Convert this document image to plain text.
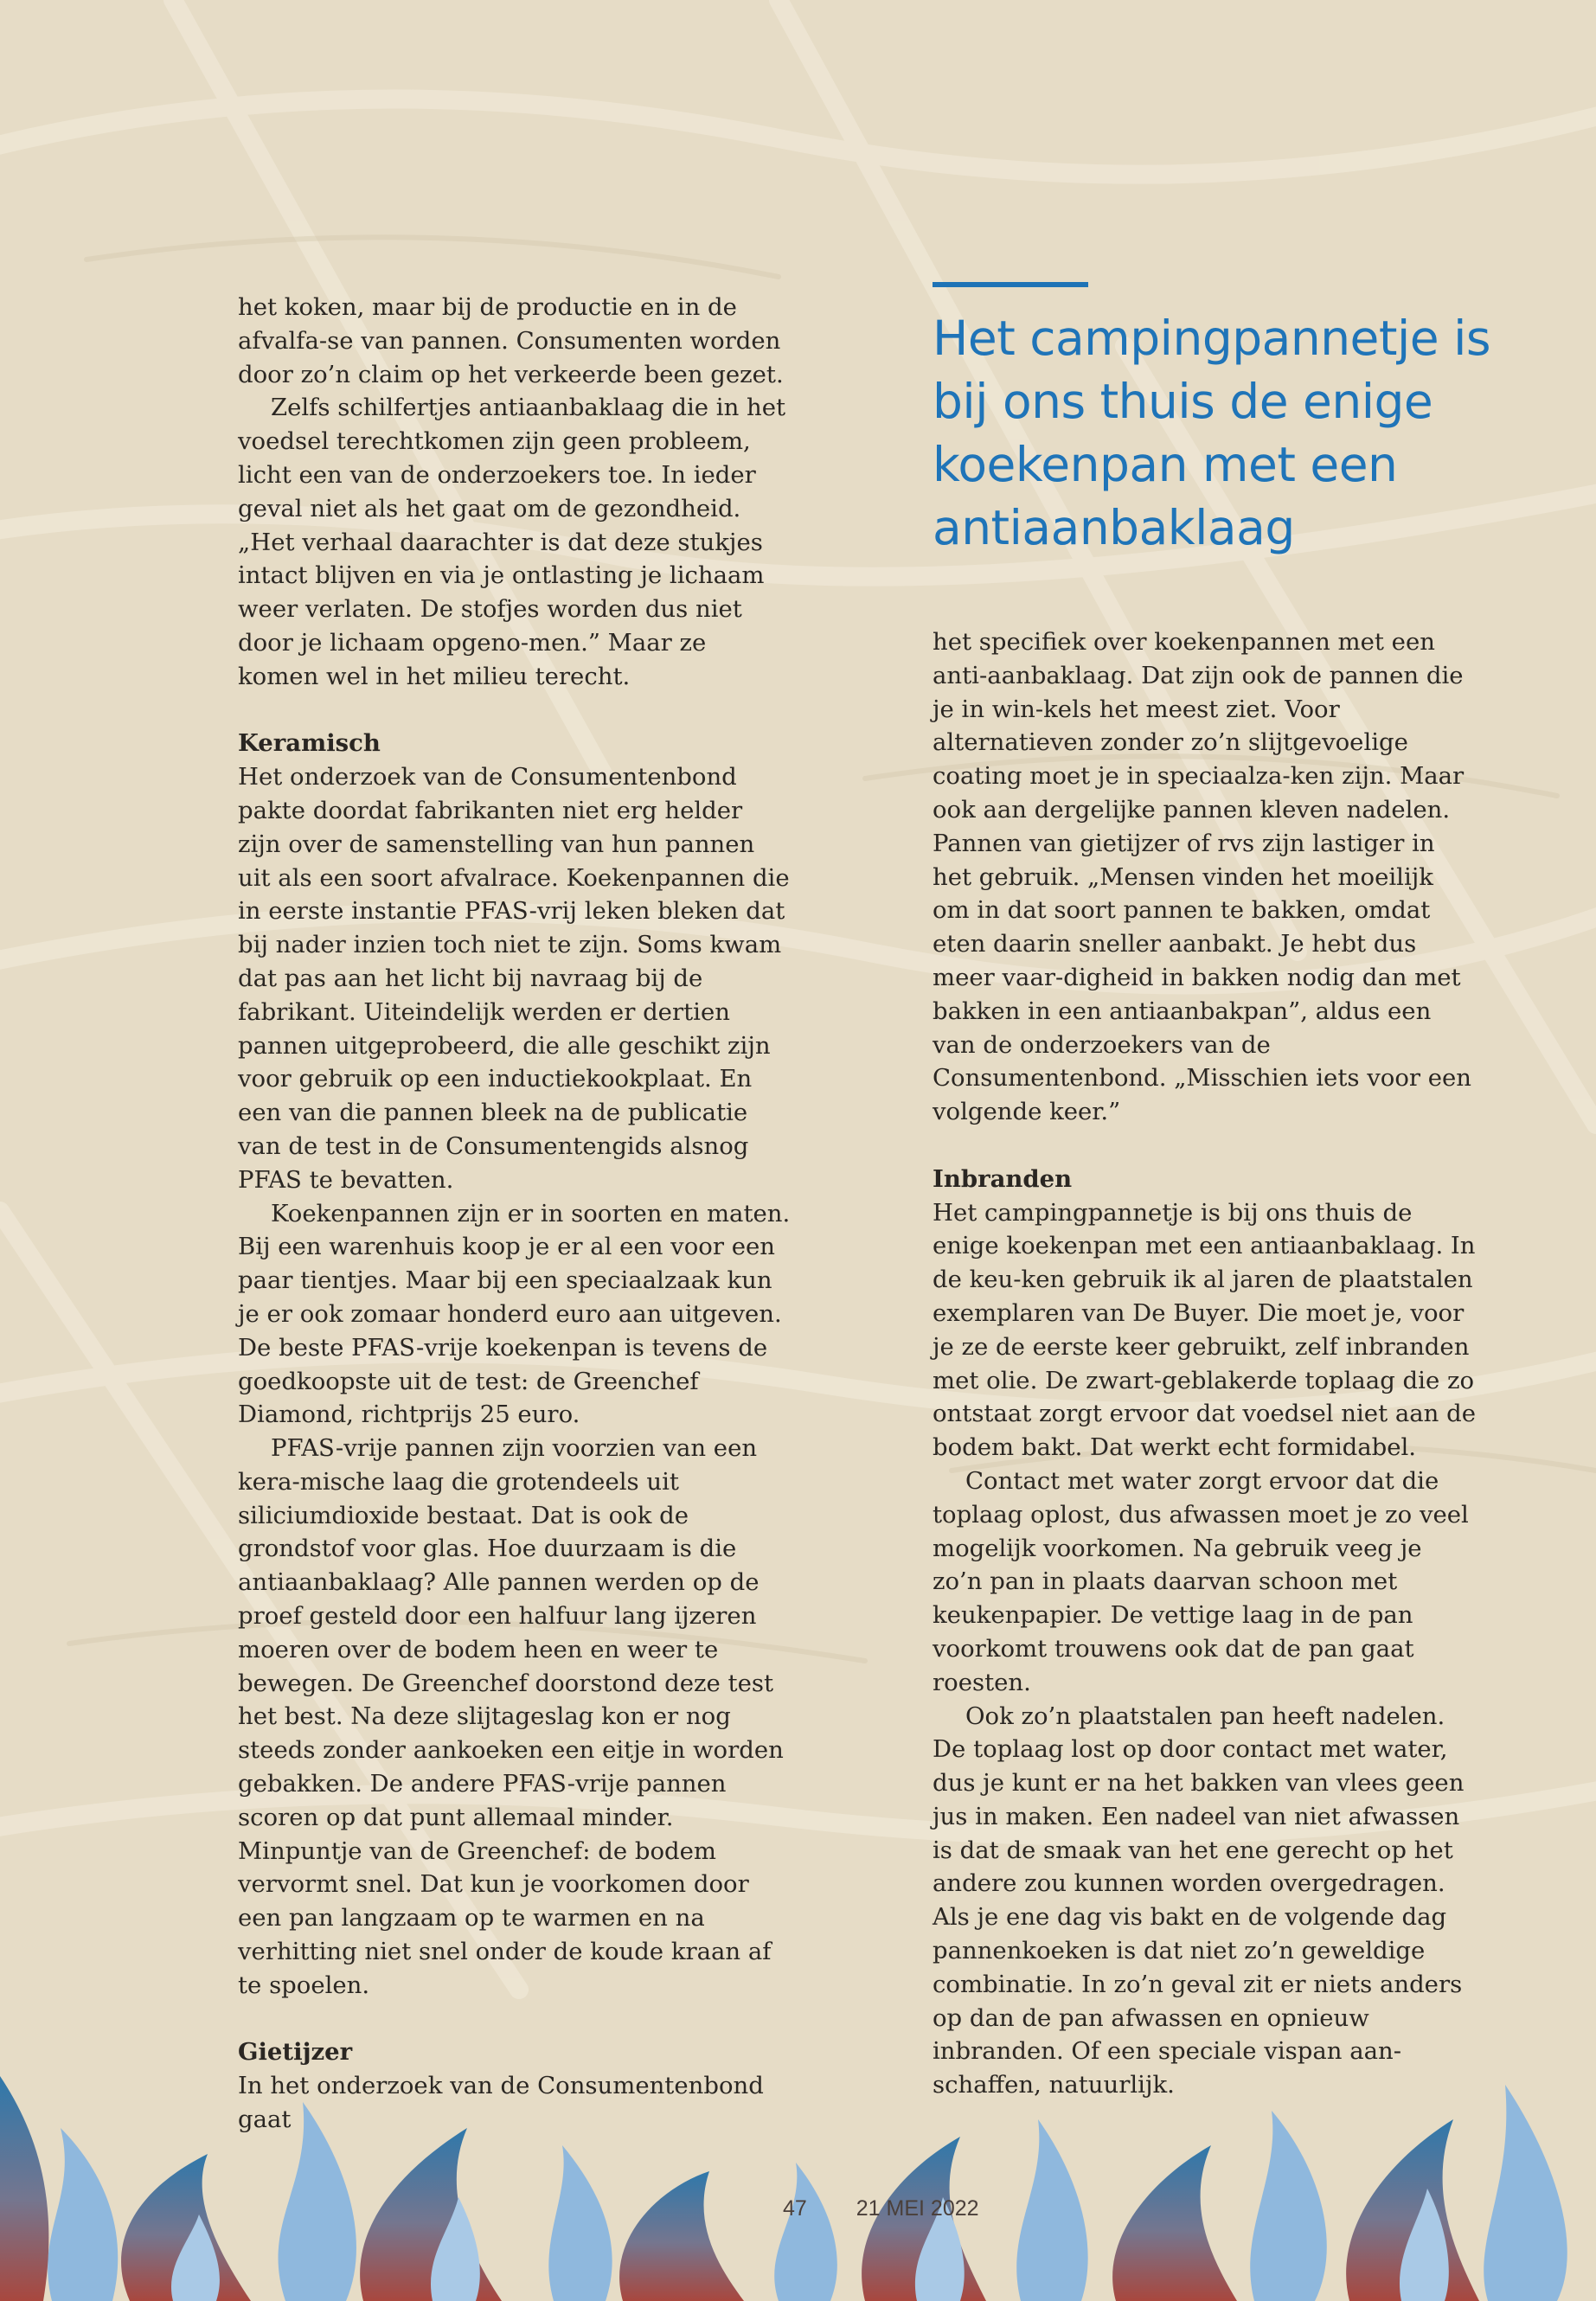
Het campingpannetje is bij ons thuis de enige koekenpan met een antiaanbaklaag

het koken, maar bij de productie en in de afvalfa-se van pannen. Consumenten worden door zo’n claim op het verkeerde been gezet.

Zelfs schilfertjes antiaanbaklaag die in het voedsel terechtkomen zijn geen probleem, licht een van de onderzoekers toe. In ieder geval niet als het gaat om de gezondheid. „Het verhaal daarachter is dat deze stukjes intact blijven en via je ontlasting je lichaam weer verlaten. De stofjes worden dus niet door je lichaam opgeno-men.” Maar ze komen wel in het milieu terecht.

Keramisch

Het onderzoek van de Consumentenbond pakte doordat fabrikanten niet erg helder zijn over de samenstelling van hun pannen uit als een soort afvalrace. Koekenpannen die in eerste instantie PFAS-vrij leken bleken dat bij nader inzien toch niet te zijn. Soms kwam dat pas aan het licht bij navraag bij de fabrikant. Uiteindelijk werden er dertien pannen uitgeprobeerd, die alle geschikt zijn voor gebruik op een inductiekookplaat. En een van die pannen bleek na de publicatie van de test in de Consumentengids alsnog PFAS te bevatten.

Koekenpannen zijn er in soorten en maten. Bij een warenhuis koop je er al een voor een paar tientjes. Maar bij een speciaalzaak kun je er ook zomaar honderd euro aan uitgeven. De beste PFAS-vrije koekenpan is tevens de goedkoopste uit de test: de Greenchef Diamond, richtprijs 25 euro.

PFAS-vrije pannen zijn voorzien van een kera-mische laag die grotendeels uit siliciumdioxide bestaat. Dat is ook de grondstof voor glas. Hoe duurzaam is die antiaanbaklaag? Alle pannen werden op de proef gesteld door een halfuur lang ijzeren moeren over de bodem heen en weer te bewegen. De Greenchef doorstond deze test het best. Na deze slijtageslag kon er nog steeds zonder aankoeken een eitje in worden gebakken. De andere PFAS-vrije pannen scoren op dat punt allemaal minder. Minpuntje van de Greenchef: de bodem vervormt snel. Dat kun je voorkomen door een pan langzaam op te warmen en na verhitting niet snel onder de koude kraan af te spoelen.

Gietijzer

In het onderzoek van de Consumentenbond gaat

het specifiek over koekenpannen met een anti-aanbaklaag. Dat zijn ook de pannen die je in win-kels het meest ziet. Voor alternatieven zonder zo’n slijtgevoelige coating moet je in speciaalza-ken zijn. Maar ook aan dergelijke pannen kleven nadelen. Pannen van gietijzer of rvs zijn lastiger in het gebruik. „Mensen vinden het moeilijk om in dat soort pannen te bakken, omdat eten daarin sneller aanbakt. Je hebt dus meer vaar-digheid in bakken nodig dan met bakken in een antiaanbakpan”, aldus een van de onderzoekers van de Consumentenbond. „Misschien iets voor een volgende keer.”

Inbranden

Het campingpannetje is bij ons thuis de enige koekenpan met een antiaanbaklaag. In de keu-ken gebruik ik al jaren de plaatstalen exemplaren van De Buyer. Die moet je, voor je ze de eerste keer gebruikt, zelf inbranden met olie. De zwart-geblakerde toplaag die zo ontstaat zorgt ervoor dat voedsel niet aan de bodem bakt. Dat werkt echt formidabel.

Contact met water zorgt ervoor dat die toplaag oplost, dus afwassen moet je zo veel mogelijk voorkomen. Na gebruik veeg je zo’n pan in plaats daarvan schoon met keukenpapier. De vettige laag in de pan voorkomt trouwens ook dat de pan gaat roesten.

Ook zo’n plaatstalen pan heeft nadelen. De toplaag lost op door contact met water, dus je kunt er na het bakken van vlees geen jus in maken. Een nadeel van niet afwassen is dat de smaak van het ene gerecht op het andere zou kunnen worden overgedragen. Als je ene dag vis bakt en de volgende dag pannenkoeken is dat niet zo’n geweldige combinatie. In zo’n geval zit er niets anders op dan de pan afwassen en opnieuw inbranden. Of een speciale vispan aan-schaffen, natuurlijk.

47 21 MEI 2022
